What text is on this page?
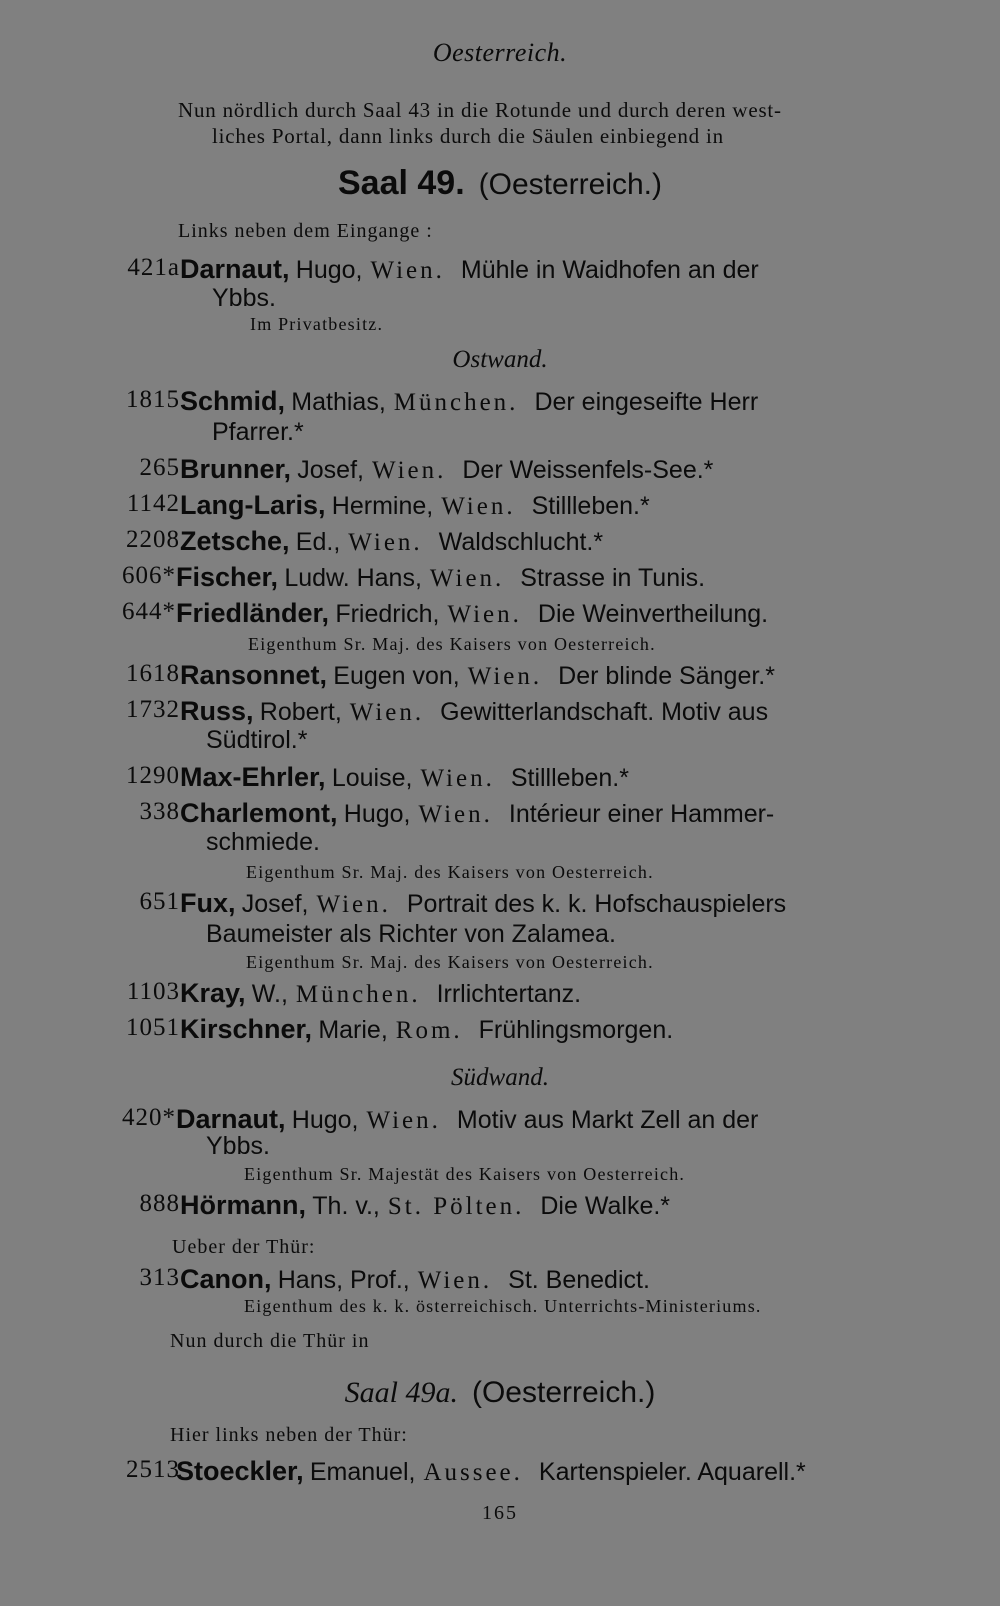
Oesterreich.
Nun nördlich durch Saal 43 in die Rotunde und durch deren west-
liches Portal, dann links durch die Säulen einbiegend in
Saal 49. (Oesterreich.)
Links neben dem Eingange :
421a Darnaut, Hugo, Wien. Mühle in Waidhofen an der
Ybbs.
Im Privatbesitz.
Ostwand.
1815 Schmid, Mathias, München. Der eingeseifte Herr
Pfarrer.*
265 Brunner, Josef, Wien. Der Weissenfels-See.*
1142 Lang-Laris, Hermine, Wien. Stillleben.*
2208 Zetsche, Ed., Wien. Waldschlucht.*
606* Fischer, Ludw. Hans, Wien. Strasse in Tunis.
644* Friedländer, Friedrich, Wien. Die Weinvertheilung.
Eigenthum Sr. Maj. des Kaisers von Oesterreich.
1618 Ransonnet, Eugen von, Wien. Der blinde Sänger.*
1732 Russ, Robert, Wien. Gewitterlandschaft. Motiv aus
Südtirol.*
1290 Max-Ehrler, Louise, Wien. Stillleben.*
338 Charlemont, Hugo, Wien. Intérieur einer Hammer-
schmiede.
Eigenthum Sr. Maj. des Kaisers von Oesterreich.
651 Fux, Josef, Wien. Portrait des k. k. Hofschauspielers
Baumeister als Richter von Zalamea.
Eigenthum Sr. Maj. des Kaisers von Oesterreich.
1103 Kray, W., München. Irrlichtertanz.
1051 Kirschner, Marie, Rom. Frühlingsmorgen.
Südwand.
420* Darnaut, Hugo, Wien. Motiv aus Markt Zell an der
Ybbs.
Eigenthum Sr. Majestät des Kaisers von Oesterreich.
888 Hörmann, Th. v., St. Pölten. Die Walke.*
Ueber der Thür:
313 Canon, Hans, Prof., Wien. St. Benedict.
Eigenthum des k. k. österreichisch. Unterrichts-Ministeriums.
Nun durch die Thür in
Saal 49a. (Oesterreich.)
Hier links neben der Thür:
2513
Stoeckler, Emanuel, Aussee. Kartenspieler. Aquarell.*
165
